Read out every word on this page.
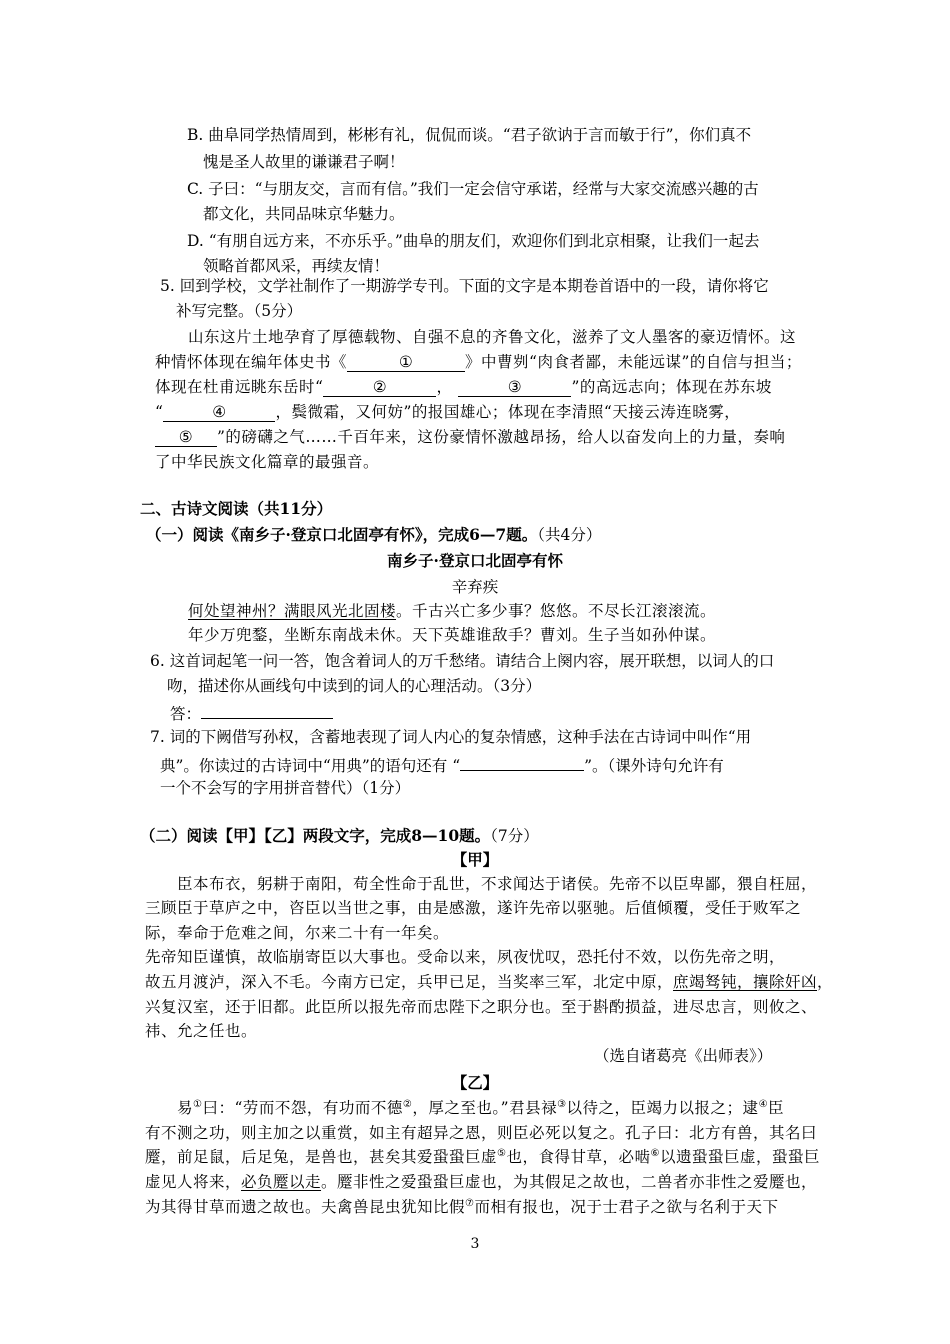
B. 曲阜同学热情周到，彬彬有礼，侃侃而谈。“君子欲讷于言而敏于行”，你们真不
愧是圣人故里的谦谦君子啊！
C. 子曰：“与朋友交，言而有信。”我们一定会信守承诺，经常与大家交流感兴趣的古
都文化，共同品味京华魅力。
D. “有朋自远方来，不亦乐乎。”曲阜的朋友们，欢迎你们到北京相聚，让我们一起去
领略首都风采，再续友情！
5. 回到学校，文学社制作了一期游学专刊。下面的文字是本期卷首语中的一段，请你将它
补写完整。（5分）
山东这片土地孕育了厚德载物、自强不息的齐鲁文化，滋养了文人墨客的豪迈情怀。这
种情怀体现在编年体史书《	①	》中曹刿“肉食者鄙，未能远谋”的自信与担当；
体现在杜甫远眺东岳时“	②	，	③	”的高远志向；体现在苏东坡
“	④	，鬓微霜，又何妨”的报国雄心；体现在李清照“天接云涛连晓雾，
⑤ ”的磅礴之气……千百年来，这份豪情怀激越昂扬，给人以奋发向上的力量，奏响
了中华民族文化篇章的最强音。
二、古诗文阅读（共11分）
（一）阅读《南乡子·登京口北固亭有怀》，完成6—7题。（共4分）
南乡子·登京口北固亭有怀
辛弃疾
何处望神州？满眼风光北固楼。千古兴亡多少事？悠悠。不尽长江滚滚流。
年少万兜鍪，坐断东南战未休。天下英雄谁敌手？曹刘。生子当如孙仲谋。
6. 这首词起笔一问一答，饱含着词人的万千愁绪。请结合上阕内容，展开联想，以词人的口
吻，描述你从画线句中读到的词人的心理活动。（3分）
答：
7. 词的下阙借写孙权，含蓄地表现了词人内心的复杂情感，这种手法在古诗词中叫作“用
典”。你读过的古诗词中“用典”的语句还有 “	”。（课外诗句允许有
一个不会写的字用拼音替代）（1分）
（二）阅读【甲】【乙】两段文字，完成8—10题。（7分）
【甲】
臣本布衣，躬耕于南阳，苟全性命于乱世，不求闻达于诸侯。先帝不以臣卑鄙，猥自枉屈，
三顾臣于草庐之中，咨臣以当世之事，由是感激，遂许先帝以驱驰。后值倾覆，受任于败军之
际，奉命于危难之间，尔来二十有一年矣。
先帝知臣谨慎，故临崩寄臣以大事也。受命以来，夙夜忧叹，恐托付不效，以伤先帝之明，
故五月渡泸，深入不毛。今南方已定，兵甲已足，当奖率三军，北定中原，庶竭驽钝，攘除奸凶，
兴复汉室，还于旧都。此臣所以报先帝而忠陛下之职分也。至于斟酌损益，进尽忠言，则攸之、
祎、允之任也。
（选自诸葛亮《出师表》）
【乙】
易①曰：“劳而不怨，有功而不德②，厚之至也。”君县禄③以待之，臣竭力以报之；逮④臣
有不测之功，则主加之以重赏，如主有超异之恩，则臣必死以复之。孔子曰：北方有兽，其名曰
蹷，前足鼠，后足兔，是兽也，甚矣其爱蛩蛩巨虚⑤也，食得甘草，必啮⑥以遗蛩蛩巨虚，蛩蛩巨
虚见人将来，必负蹷以走。蹷非性之爱蛩蛩巨虚也，为其假足之故也，二兽者亦非性之爱蹷也，
为其得甘草而遗之故也。夫禽兽昆虫犹知比假⑦而相有报也，况于士君子之欲与名利于天下
3
